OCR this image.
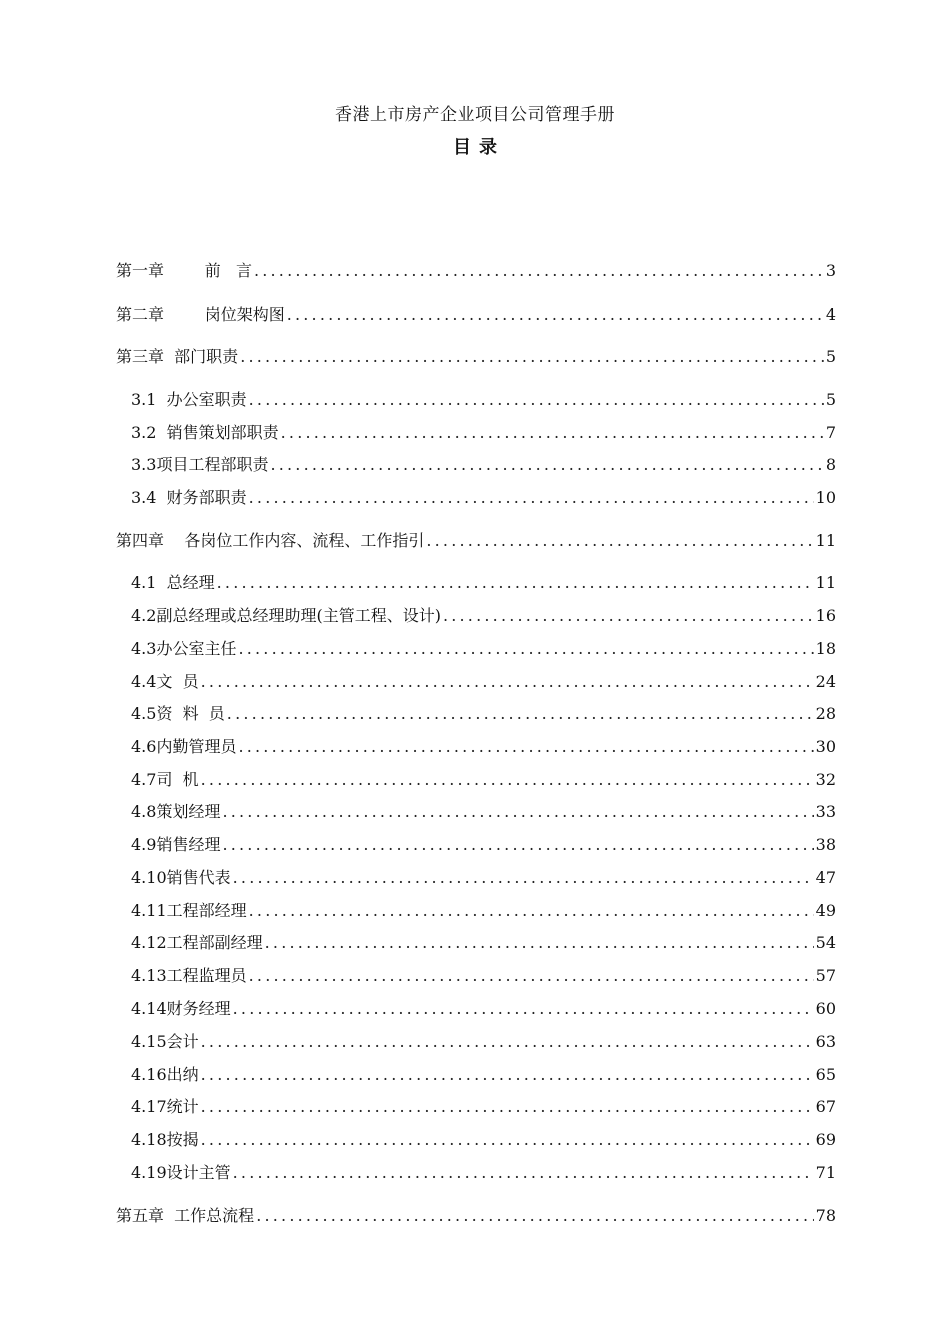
香港上市房产企业项目公司管理手册
目 录
第一章        前   言 .....	3
第二章        岗位架构图 .....	4
第三章  部门职责 .....	5
3.1  办公室职责 .....	5
3.2  销售策划部职责 .....	7
3.3项目工程部职责 .....	8
3.4  财务部职责 .....	10
第四章    各岗位工作内容、流程、工作指引 .....	11
4.1  总经理 .....	11
4.2副总经理或总经理助理(主管工程、设计) .....	16
4.3办公室主任 .....	18
4.4文  员 .....	24
4.5资  料  员 .....	28
4.6内勤管理员 .....	30
4.7司  机 .....	32
4.8策划经理 .....	33
4.9销售经理 .....	38
4.10销售代表 .....	47
4.11工程部经理 .....	49
4.12工程部副经理 .....	54
4.13工程监理员 .....	57
4.14财务经理 .....	60
4.15会计 .....	63
4.16出纳 .....	65
4.17统计 .....	67
4.18按揭 .....	69
4.19设计主管 .....	71
第五章  工作总流程 .....	78
